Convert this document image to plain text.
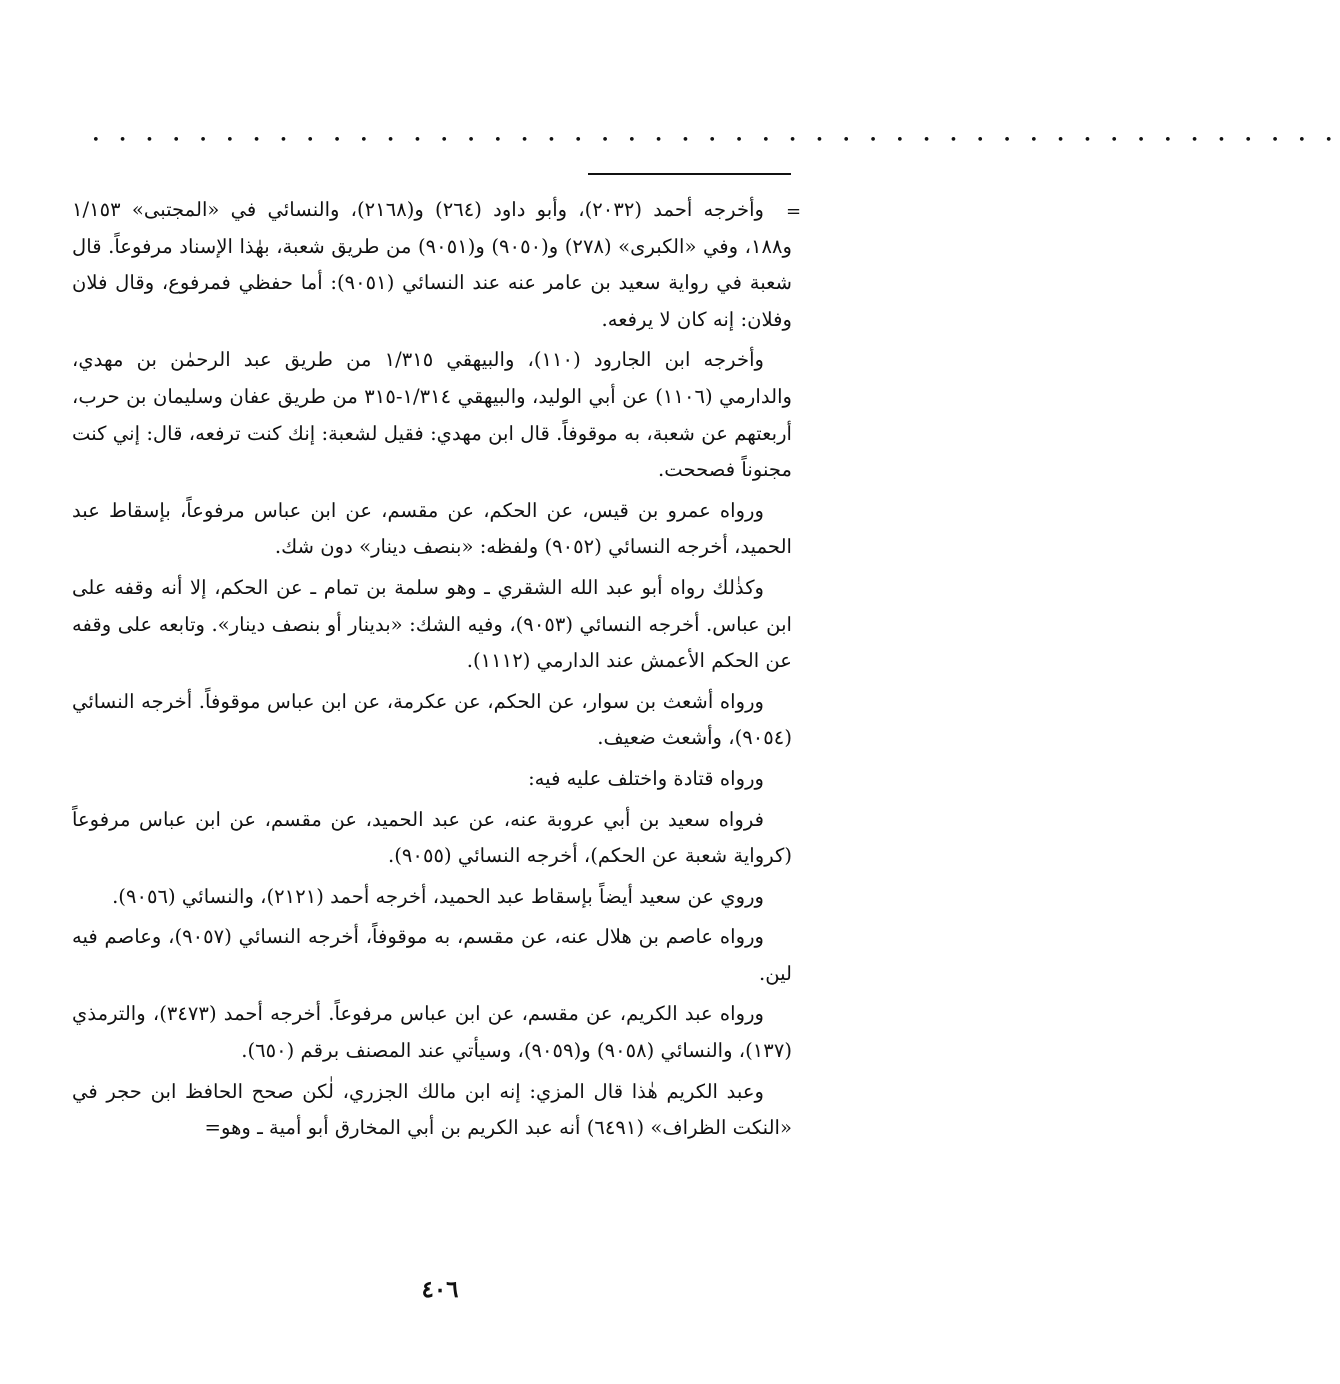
• • • • • • • • • • • • • • • • • • • • • • • • • • • • • • • • • • • • • • • • • • • • • • •
=

وأخرجه أحمد (٢٠٣٢)، وأبو داود (٢٦٤) و(٢١٦٨)، والنسائي في «المجتبى» ١/١٥٣ و١٨٨، وفي «الكبرى» (٢٧٨) و(٩٠٥٠) و(٩٠٥١) من طريق شعبة، بهٰذا الإسناد مرفوعاً. قال شعبة في رواية سعيد بن عامر عنه عند النسائي (٩٠٥١): أما حفظي فمرفوع، وقال فلان وفلان: إنه كان لا يرفعه.

وأخرجه ابن الجارود (١١٠)، والبيهقي ١/٣١٥ من طريق عبد الرحمٰن بن مهدي، والدارمي (١١٠٦) عن أبي الوليد، والبيهقي ١/٣١٤-٣١٥ من طريق عفان وسليمان بن حرب، أربعتهم عن شعبة، به موقوفاً. قال ابن مهدي: فقيل لشعبة: إنك كنت ترفعه، قال: إني كنت مجنوناً فصححت.

ورواه عمرو بن قيس، عن الحكم، عن مقسم، عن ابن عباس مرفوعاً، بإسقاط عبد الحميد، أخرجه النسائي (٩٠٥٢) ولفظه: «بنصف دينار» دون شك.

وكذٰلك رواه أبو عبد الله الشقري ـ وهو سلمة بن تمام ـ عن الحكم، إلا أنه وقفه على ابن عباس. أخرجه النسائي (٩٠٥٣)، وفيه الشك: «بدينار أو بنصف دينار». وتابعه على وقفه عن الحكم الأعمش عند الدارمي (١١١٢).

ورواه أشعث بن سوار، عن الحكم، عن عكرمة، عن ابن عباس موقوفاً. أخرجه النسائي (٩٠٥٤)، وأشعث ضعيف.

ورواه قتادة واختلف عليه فيه:

فرواه سعيد بن أبي عروبة عنه، عن عبد الحميد، عن مقسم، عن ابن عباس مرفوعاً (كرواية شعبة عن الحكم)، أخرجه النسائي (٩٠٥٥).

وروي عن سعيد أيضاً بإسقاط عبد الحميد، أخرجه أحمد (٢١٢١)، والنسائي (٩٠٥٦).

ورواه عاصم بن هلال عنه، عن مقسم، به موقوفاً، أخرجه النسائي (٩٠٥٧)، وعاصم فيه لين.

ورواه عبد الكريم، عن مقسم، عن ابن عباس مرفوعاً. أخرجه أحمد (٣٤٧٣)، والترمذي (١٣٧)، والنسائي (٩٠٥٨) و(٩٠٥٩)، وسيأتي عند المصنف برقم (٦٥٠).

وعبد الكريم هٰذا قال المزي: إنه ابن مالك الجزري، لٰكن صحح الحافظ ابن حجر في «النكت الظراف» (٦٤٩١) أنه عبد الكريم بن أبي المخارق أبو أمية ـ وهو=

٤٠٦
